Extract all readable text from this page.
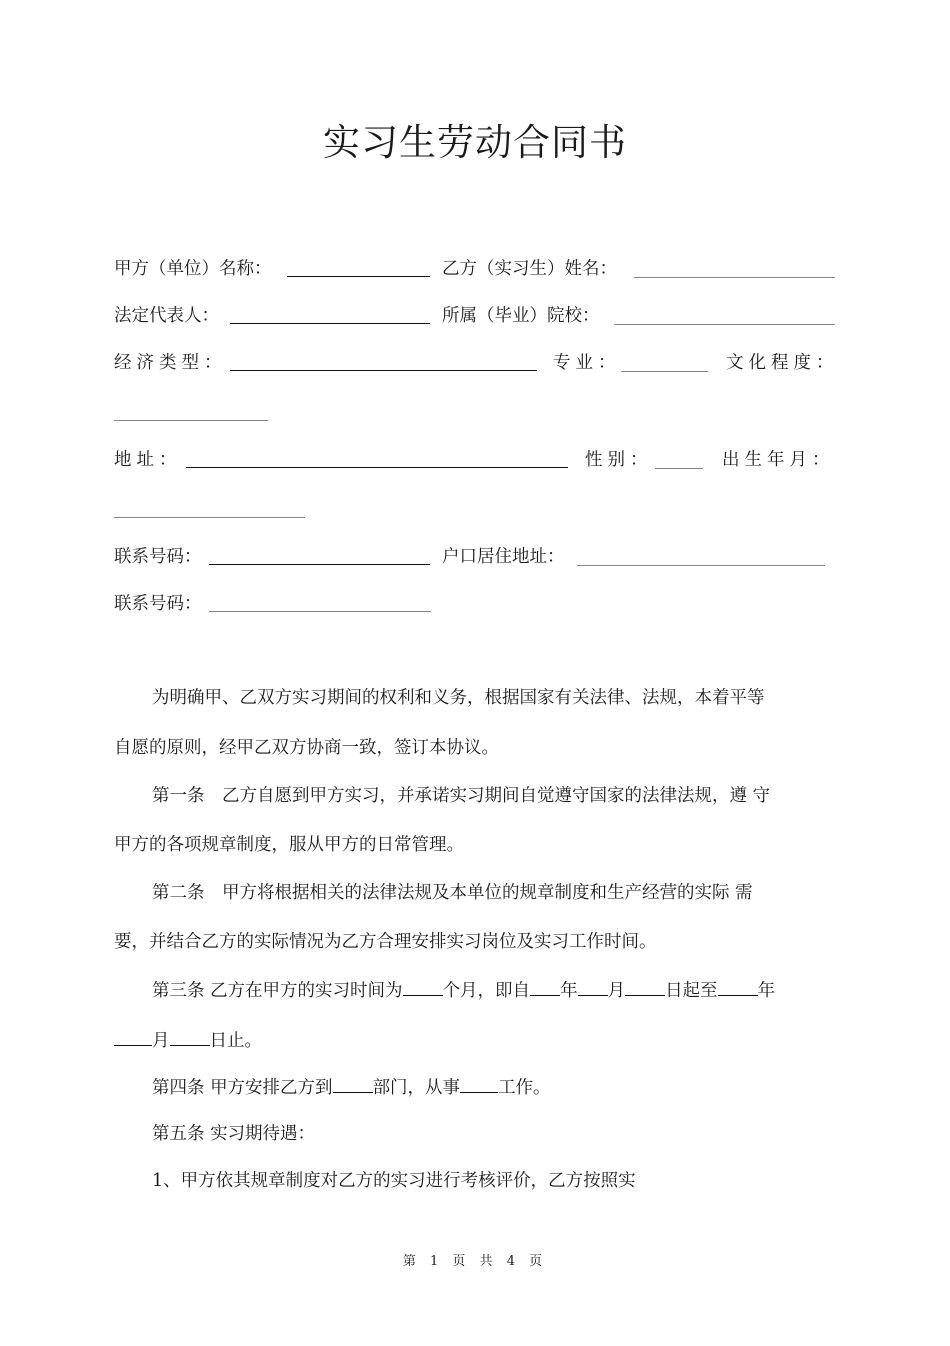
实习生劳动合同书
甲方（单位）名称：	乙方（实习生）姓名：
法定代表人：	所属（毕业）院校：
经济类型：	专业：	文化程度：
地址：	性别：	出生年月：
联系号码：	户口居住地址：
联系号码：
为明确甲、乙双方实习期间的权利和义务，根据国家有关法律、法规，本着平等
自愿的原则，经甲乙双方协商一致，签订本协议。
第一条　乙方自愿到甲方实习，并承诺实习期间自觉遵守国家的法律法规，遵 守
甲方的各项规章制度，服从甲方的日常管理。
第二条　甲方将根据相关的法律法规及本单位的规章制度和生产经营的实际 需
要，并结合乙方的实际情况为乙方合理安排实习岗位及实习工作时间。
第三条 乙方在甲方的实习时间为 个月，即自 年 月 日起至 年
月 日止。
第四条 甲方安排乙方到 部门，从事 工作。
第五条 实习期待遇：
1、甲方依其规章制度对乙方的实习进行考核评价，乙方按照实
第 1 页 共 4 页
